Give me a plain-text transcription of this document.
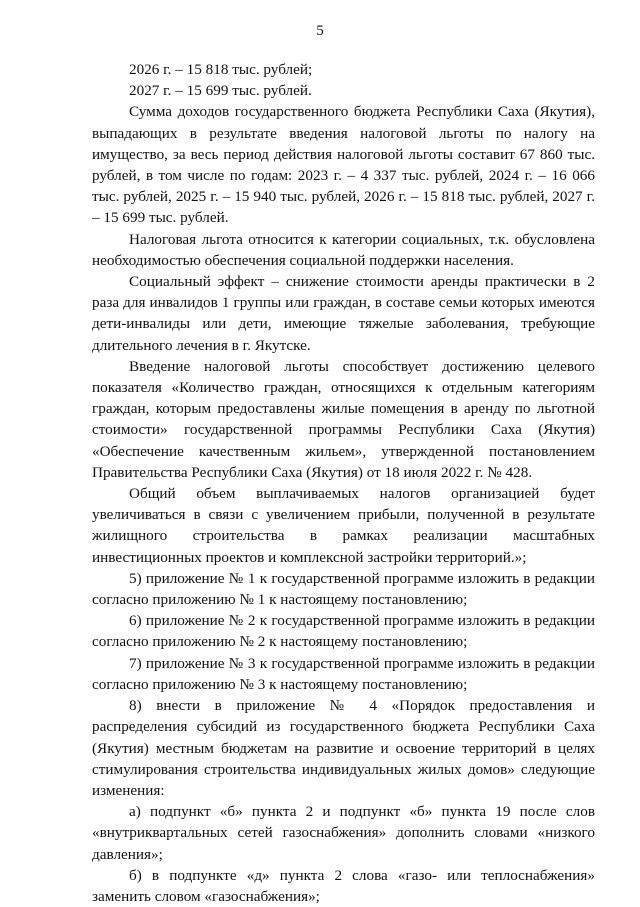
5

2026 г. – 15 818 тыс. рублей;

2027 г. – 15 699 тыс. рублей.

Сумма доходов государственного бюджета Республики Саха (Якутия), выпадающих в результате введения налоговой льготы по налогу на имущество, за весь период действия налоговой льготы составит 67 860 тыс. рублей, в том числе по годам: 2023 г. – 4 337 тыс. рублей, 2024 г. – 16 066 тыс. рублей, 2025 г. – 15 940 тыс. рублей, 2026 г. – 15 818 тыс. рублей, 2027 г. – 15 699 тыс. рублей.

Налоговая льгота относится к категории социальных, т.к. обусловлена необходимостью обеспечения социальной поддержки населения.

Социальный эффект – снижение стоимости аренды практически в 2 раза для инвалидов 1 группы или граждан, в составе семьи которых имеются дети-инвалиды или дети, имеющие тяжелые заболевания, требующие длительного лечения в г. Якутске.

Введение налоговой льготы способствует достижению целевого показателя «Количество граждан, относящихся к отдельным категориям граждан, которым предоставлены жилые помещения в аренду по льготной стоимости» государственной программы Республики Саха (Якутия) «Обеспечение качественным жильем», утвержденной постановлением Правительства Республики Саха (Якутия) от 18 июля 2022 г. № 428.

Общий объем выплачиваемых налогов организацией будет увеличиваться в связи с увеличением прибыли, полученной в результате жилищного строительства в рамках реализации масштабных инвестиционных проектов и комплексной застройки территорий.»;

5) приложение № 1 к государственной программе изложить в редакции согласно приложению № 1 к настоящему постановлению;

6) приложение № 2 к государственной программе изложить в редакции согласно приложению № 2 к настоящему постановлению;

7) приложение № 3 к государственной программе изложить в редакции согласно приложению № 3 к настоящему постановлению;

8) внести в приложение № 4 «Порядок предоставления и распределения субсидий из государственного бюджета Республики Саха (Якутия) местным бюджетам на развитие и освоение территорий в целях стимулирования строительства индивидуальных жилых домов» следующие изменения:

а) подпункт «б» пункта 2 и подпункт «б» пункта 19 после слов «внутриквартальных сетей газоснабжения» дополнить словами «низкого давления»;

б) в подпункте «д» пункта 2 слова «газо- или теплоснабжения» заменить словом «газоснабжения»;
